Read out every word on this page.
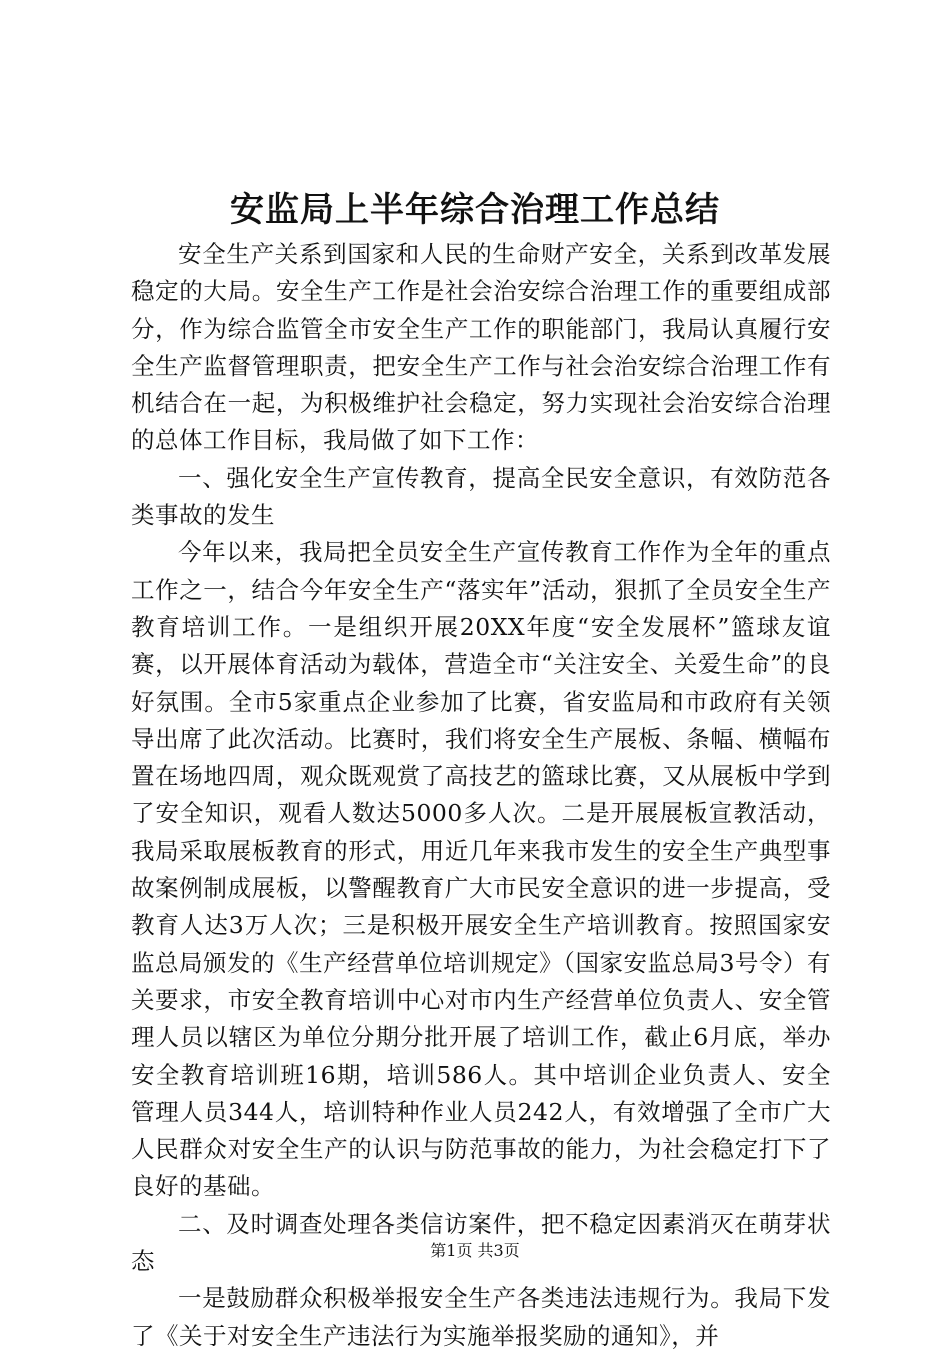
安监局上半年综合治理工作总结

安全生产关系到国家和人民的生命财产安全，关系到改革发展稳定的大局。安全生产工作是社会治安综合治理工作的重要组成部分，作为综合监管全市安全生产工作的职能部门，我局认真履行安全生产监督管理职责，把安全生产工作与社会治安综合治理工作有机结合在一起，为积极维护社会稳定，努力实现社会治安综合治理的总体工作目标，我局做了如下工作：

一、强化安全生产宣传教育，提高全民安全意识，有效防范各类事故的发生

今年以来，我局把全员安全生产宣传教育工作作为全年的重点工作之一，结合今年安全生产“落实年”活动，狠抓了全员安全生产教育培训工作。一是组织开展20XX年度“安全发展杯”篮球友谊赛，以开展体育活动为载体，营造全市“关注安全、关爱生命”的良好氛围。全市5家重点企业参加了比赛，省安监局和市政府有关领导出席了此次活动。比赛时，我们将安全生产展板、条幅、横幅布置在场地四周，观众既观赏了高技艺的篮球比赛，又从展板中学到了安全知识，观看人数达5000多人次。二是开展展板宣教活动，我局采取展板教育的形式，用近几年来我市发生的安全生产典型事故案例制成展板，以警醒教育广大市民安全意识的进一步提高，受教育人达3万人次；三是积极开展安全生产培训教育。按照国家安监总局颁发的《生产经营单位培训规定》（国家安监总局3号令）有关要求，市安全教育培训中心对市内生产经营单位负责人、安全管理人员以辖区为单位分期分批开展了培训工作，截止6月底，举办安全教育培训班16期，培训586人。其中培训企业负责人、安全管理人员344人，培训特种作业人员242人，有效增强了全市广大人民群众对安全生产的认识与防范事故的能力，为社会稳定打下了良好的基础。

二、及时调查处理各类信访案件，把不稳定因素消灭在萌芽状态

一是鼓励群众积极举报安全生产各类违法违规行为。我局下发了《关于对安全生产违法行为实施举报奖励的通知》，并

第1页 共3页
